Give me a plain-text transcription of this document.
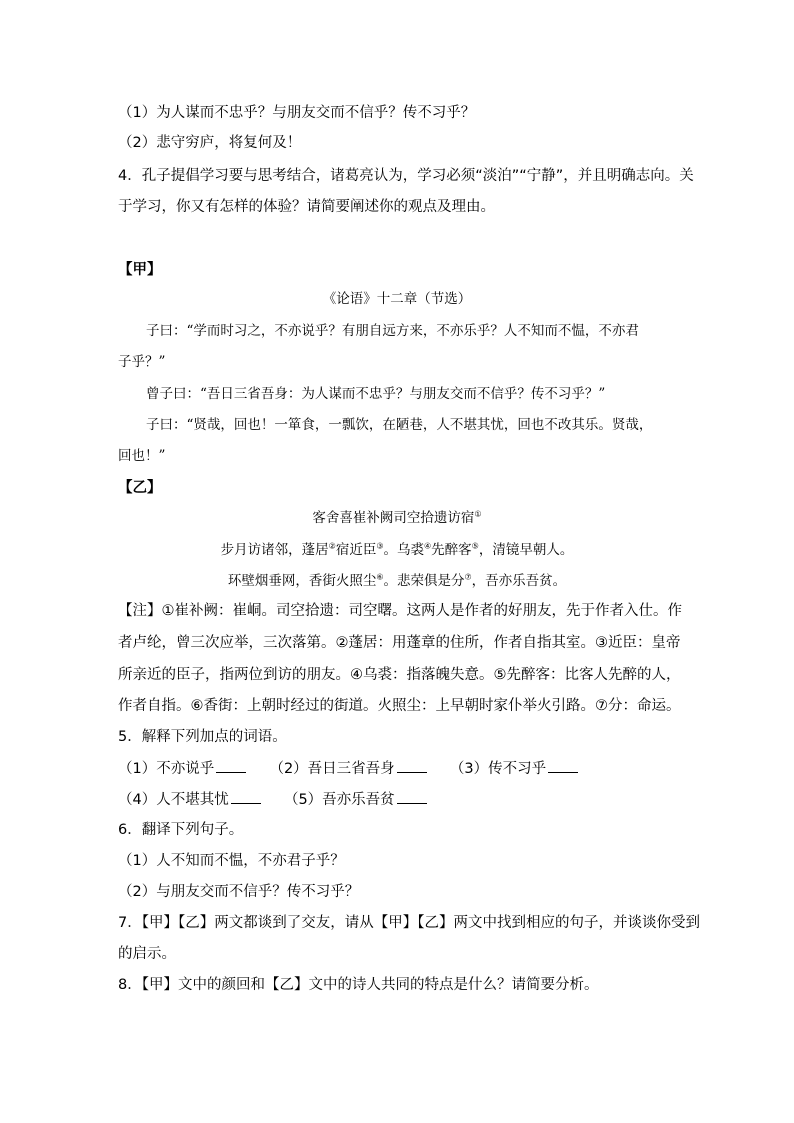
（1）为人谋而不忠乎？与朋友交而不信乎？传不习乎？
（2）悲守穷庐，将复何及！
4．孔子提倡学习要与思考结合，诸葛亮认为，学习必须“淡泊”“宁静”，并且明确志向。关
于学习，你又有怎样的体验？请简要阐述你的观点及理由。
【甲】
《论语》十二章（节选）
子曰：“学而时习之，不亦说乎？有朋自远方来，不亦乐乎？人不知而不愠，不亦君
子乎？”
曾子曰：“吾日三省吾身：为人谋而不忠乎？与朋友交而不信乎？传不习乎？”
子曰：“贤哉，回也！一箪食，一瓢饮，在陋巷，人不堪其忧，回也不改其乐。贤哉，
回也！”
【乙】
客舍喜崔补阙司空拾遗访宿①
步月访诸邻，蓬居②宿近臣③。乌裘④先醉客⑤，清镜早朝人。
环壁烟垂网，香街火照尘⑥。悲荣俱是分⑦，吾亦乐吾贫。
【注】①崔补阙：崔峒。司空拾遗：司空曙。这两人是作者的好朋友，先于作者入仕。作
者卢纶，曾三次应举，三次落第。②蓬居：用蓬章的住所，作者自指其室。③近臣：皇帝
所亲近的臣子，指两位到访的朋友。④乌裘：指落魄失意。⑤先醉客：比客人先醉的人，
作者自指。⑥香街：上朝时经过的街道。火照尘：上早朝时家仆举火引路。⑦分：命运。
5．解释下列加点的词语。
（1）不亦说乎	（2）吾日三省吾身	（3）传不习乎
（4）人不堪其忧	（5）吾亦乐吾贫
6．翻译下列句子。
（1）人不知而不愠，不亦君子乎？
（2）与朋友交而不信乎？传不习乎？
7．【甲】【乙】两文都谈到了交友，请从【甲】【乙】两文中找到相应的句子，并谈谈你受到
的启示。
8．【甲】文中的颜回和【乙】文中的诗人共同的特点是什么？请简要分析。
